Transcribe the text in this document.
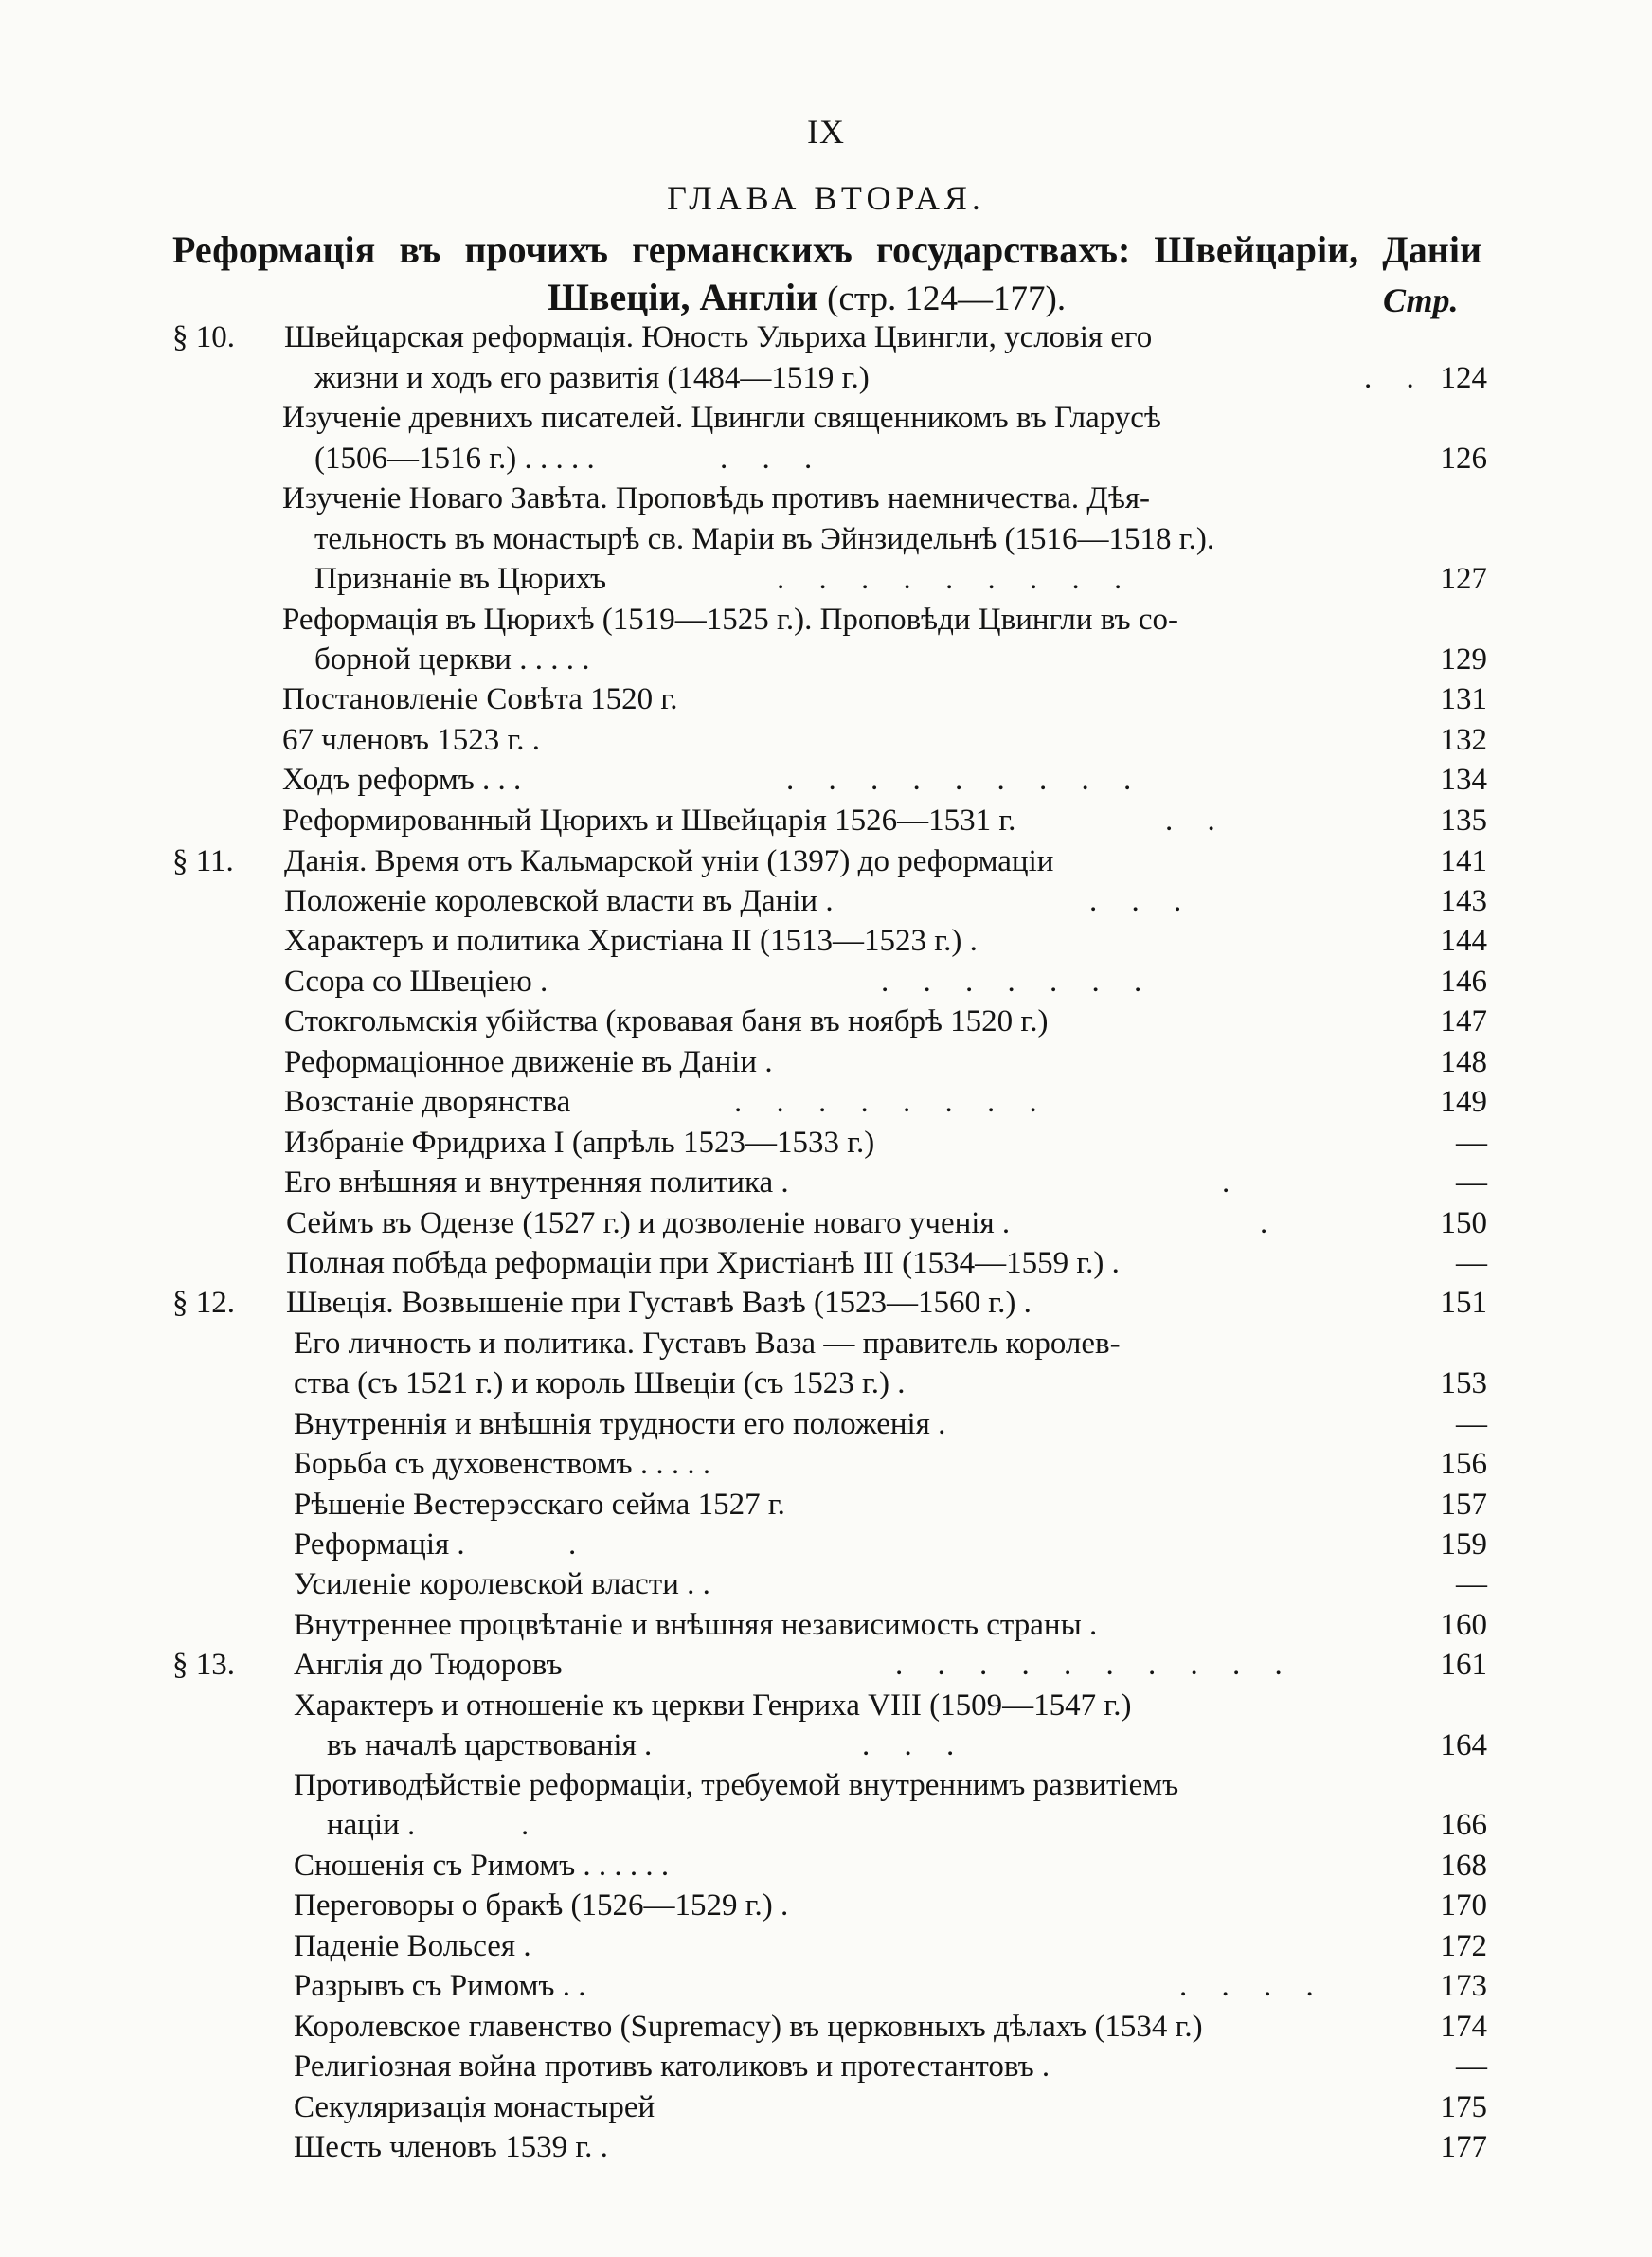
IX
ГЛАВА ВТОРАЯ.
Реформація въ прочихъ германскихъ государствахъ: Швейцаріи, Даніи
Швеціи, Англіи (стр. 124—177).	Стр.
§ 10. Швейцарская реформація. Юность Ульриха Цвингли, условія его
жизни и ходъ его развитія (1484—1519 г.)	. . 124
Изученіе древнихъ писателей. Цвингли священникомъ въ Гларусѣ
(1506—1516 г.) . . . . .	. . .	126
Изученіе Новаго Завѣта. Проповѣдь противъ наемничества. Дѣя-
тельность въ монастырѣ св. Маріи въ Эйнзидельнѣ (1516—1518 г.).
Признаніе въ Цюрихъ	. . . . . . . . .	127
Реформація въ Цюрихѣ (1519—1525 г.). Проповѣди Цвингли въ со-
борной церкви . . . . .	129
Постановленіе Совѣта 1520 г.	131
67 членовъ 1523 г. .	132
Ходъ реформъ . . .	. . . . . . . . .	134
Реформированный Цюрихъ и Швейцарія 1526—1531 г.	. .	135
§ 11. Данія. Время отъ Кальмарской уніи (1397) до реформаціи	141
Положеніе королевской власти въ Даніи .	. . .	143
Характеръ и политика Христіана II (1513—1523 г.) .	144
Ссора со Швеціею .	. . . . . . .	146
Стокгольмскія убійства (кровавая баня въ ноябрѣ 1520 г.)	147
Реформаціонное движеніе въ Даніи .	148
Возстаніе дворянства	. . . . . . . .	149
Избраніе Фридриха I (апрѣль 1523—1533 г.)	—
Его внѣшняя и внутренняя политика .	.	—
Сеймъ въ Одензе (1527 г.) и дозволеніе новаго ученія .	.	150
Полная побѣда реформаціи при Христіанѣ III (1534—1559 г.) .	—
§ 12. Швеція. Возвышеніе при Густавѣ Вазѣ (1523—1560 г.) .	151
Его личность и политика. Густавъ Ваза — правитель королев-
ства (съ 1521 г.) и король Швеціи (съ 1523 г.) .	153
Внутреннія и внѣшнія трудности его положенія .	—
Борьба съ духовенствомъ . . . . .	156
Рѣшеніе Вестерэсскаго сейма 1527 г.	157
Реформація .	.	159
Усиленіе королевской власти . .	—
Внутреннее процвѣтаніе и внѣшняя независимость страны .	160
§ 13. Англія до Тюдоровъ	. . . . . . . . . .	161
Характеръ и отношеніе къ церкви Генриха VIII (1509—1547 г.)
въ началѣ царствованія .	. . .	164
Противодѣйствіе реформаціи, требуемой внутреннимъ развитіемъ
націи .	.	166
Сношенія съ Римомъ . . . . . .	168
Переговоры о бракѣ (1526—1529 г.) .	170
Паденіе Вольсея .	172
Разрывъ съ Римомъ . .	. . . .	173
Королевское главенство (Supremacy) въ церковныхъ дѣлахъ (1534 г.)	174
Религіозная война противъ католиковъ и протестантовъ .	—
Секуляризація монастырей	175
Шесть членовъ 1539 г. .	177
